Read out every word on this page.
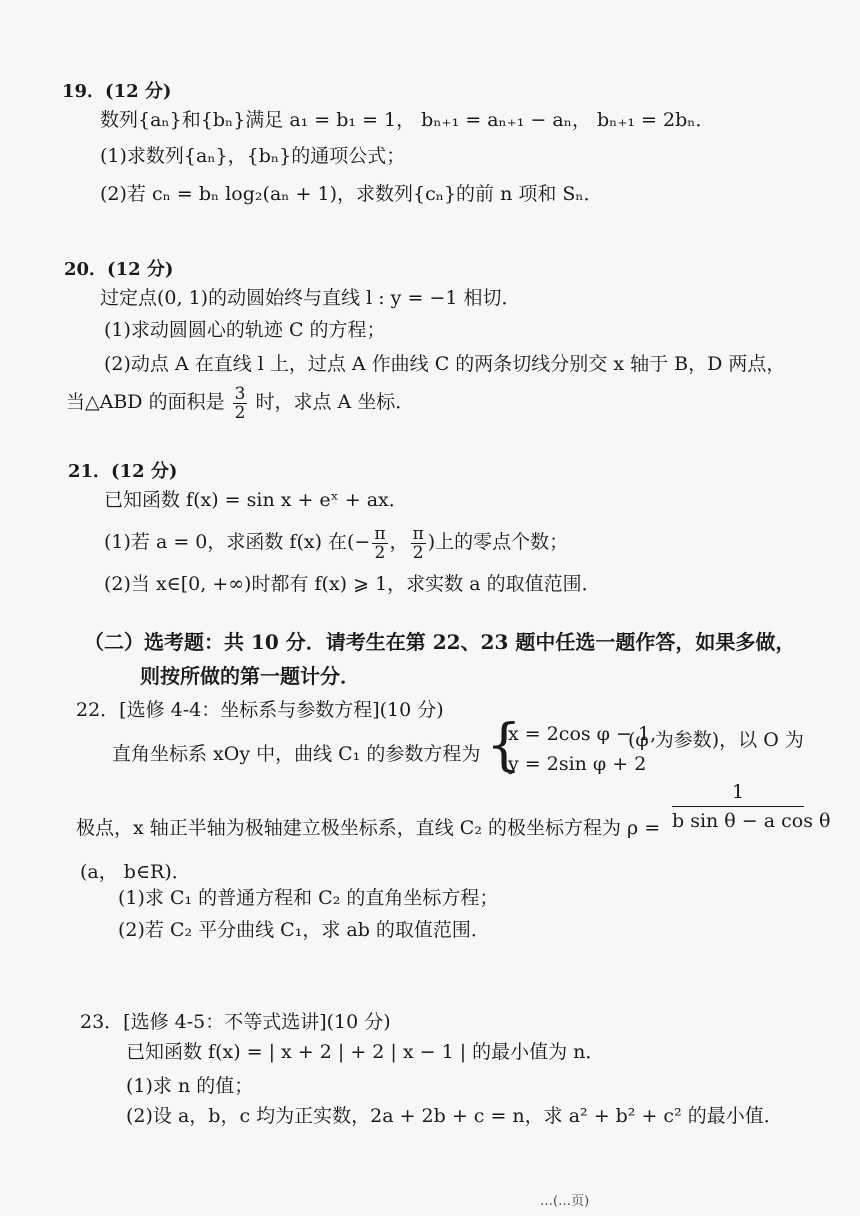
19．(12 分)
数列{aₙ}和{bₙ}满足 a₁ = b₁ = 1， bₙ₊₁ = aₙ₊₁ − aₙ， bₙ₊₁ = 2bₙ．
(1)求数列{aₙ}，{bₙ}的通项公式；
(2)若 cₙ = bₙ log₂(aₙ + 1)，求数列{cₙ}的前 n 项和 Sₙ．
20．(12 分)
过定点(0, 1)的动圆始终与直线 l : y = −1 相切．
(1)求动圆圆心的轨迹 C 的方程；
(2)动点 A 在直线 l 上，过点 A 作曲线 C 的两条切线分别交 x 轴于 B，D 两点，
当△ABD 的面积是 $\frac{3}{2}$ 时，求点 A 坐标．
21．(12 分)
已知函数 f(x) = sin x + eˣ + ax．
(1)若 a = 0，求函数 f(x) 在(− $\frac{\pi}{2}$ ， $\frac{\pi}{2}$ )上的零点个数；
(2)当 x∈[0, +∞)时都有 f(x) ⩾ 1，求实数 a 的取值范围．
（二）选考题：共 10 分．请考生在第 22、23 题中任选一题作答，如果多做，
则按所做的第一题计分．
22．[选修 4-4：坐标系与参数方程](10 分)
直角坐标系 xOy 中，曲线 C₁ 的参数方程为 {
x = 2cos φ − 1,
y = 2sin φ + 2
(φ 为参数)，以 O 为
极点，x 轴正半轴为极轴建立极坐标系，直线 C₂ 的极坐标方程为 $\rho = \frac{1}{\text{b sin θ − a cos θ}}$
(a， b∈R)．
(1)求 C₁ 的普通方程和 C₂ 的直角坐标方程；
(2)若 C₂ 平分曲线 C₁，求 ab 的取值范围．
23．[选修 4-5：不等式选讲](10 分)
已知函数 f(x) = | x + 2 | + 2 | x − 1 | 的最小值为 n．
(1)求 n 的值；
(2)设 a，b，c 均为正实数，2a + 2b + c = n，求 a² + b² + c² 的最小值．
…(…页)
